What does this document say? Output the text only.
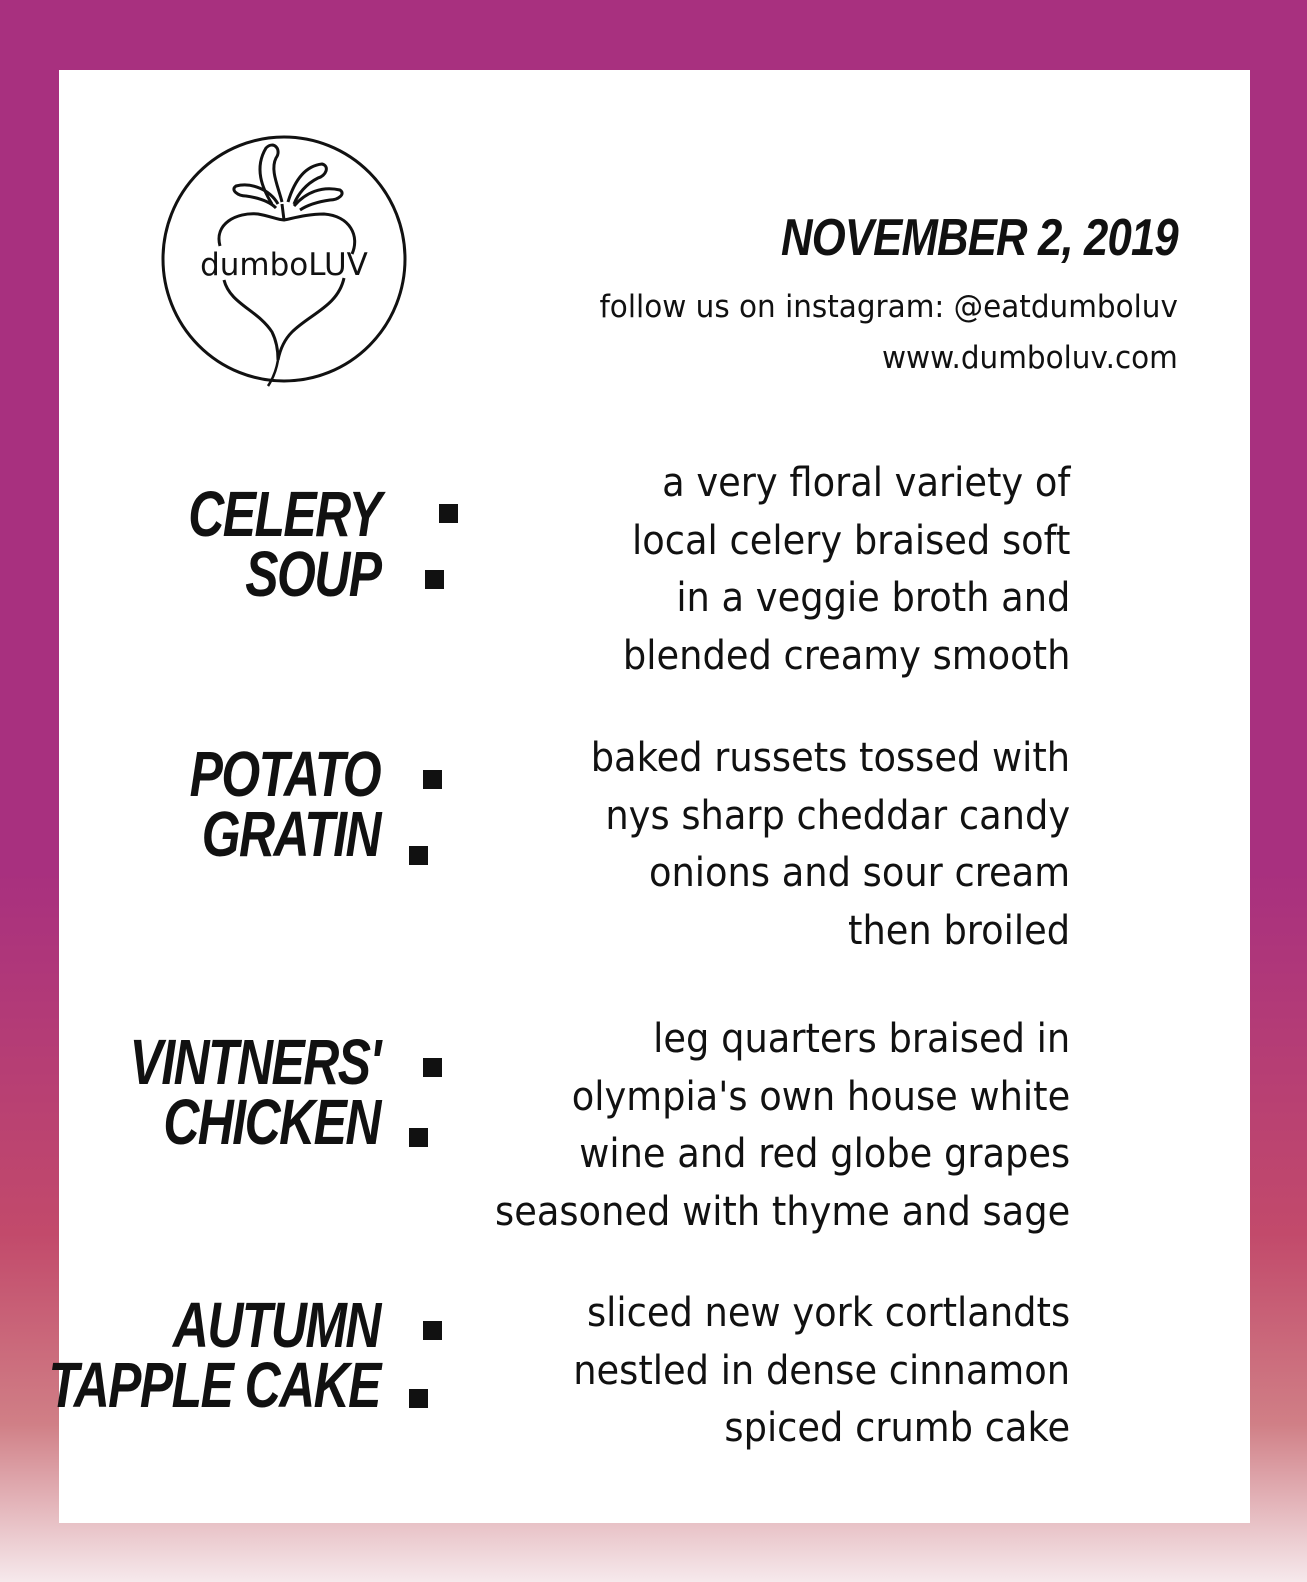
dumboLUV	NOVEMBER 2, 2019
follow us on instagram: @eatdumboluv
www.dumboluv.com
CELERY
SOUP
a very floral variety of
local celery braised soft
in a veggie broth and
blended creamy smooth
POTATO
GRATIN
baked russets tossed with
nys sharp cheddar candy
onions and sour cream
then broiled
VINTNERS'
CHICKEN
leg quarters braised in
olympia's own house white
wine and red globe grapes
seasoned with thyme and sage
AUTUMN
TAPPLE CAKE
sliced new york cortlandts
nestled in dense cinnamon
spiced crumb cake
